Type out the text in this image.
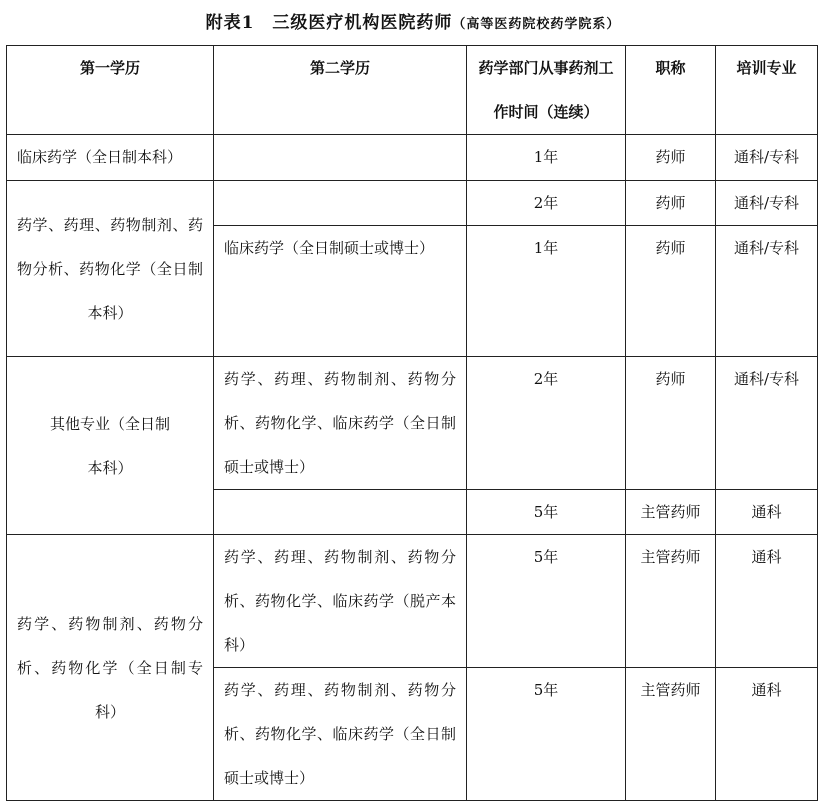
附表1　三级医疗机构医院药师（高等医药院校药学院系）
第一学历	第二学历	药学部门从事药剂工作时间（连续）	职称	培训专业
临床药学（全日制本科）		1年	药师	通科/专科
药学、药理、药物制剂、药物分析、药物化学（全日制本科）		2年	药师	通科/专科
	临床药学（全日制硕士或博士）	1年	药师	通科/专科
其他专业（全日制本科）	药学、药理、药物制剂、药物分析、药物化学、临床药学（全日制硕士或博士）	2年	药师	通科/专科
		5年	主管药师	通科
药学、药物制剂、药物分析、药物化学（全日制专科）	药学、药理、药物制剂、药物分析、药物化学、临床药学（脱产本科）	5年	主管药师	通科
	药学、药理、药物制剂、药物分析、药物化学、临床药学（全日制硕士或博士）	5年	主管药师	通科
